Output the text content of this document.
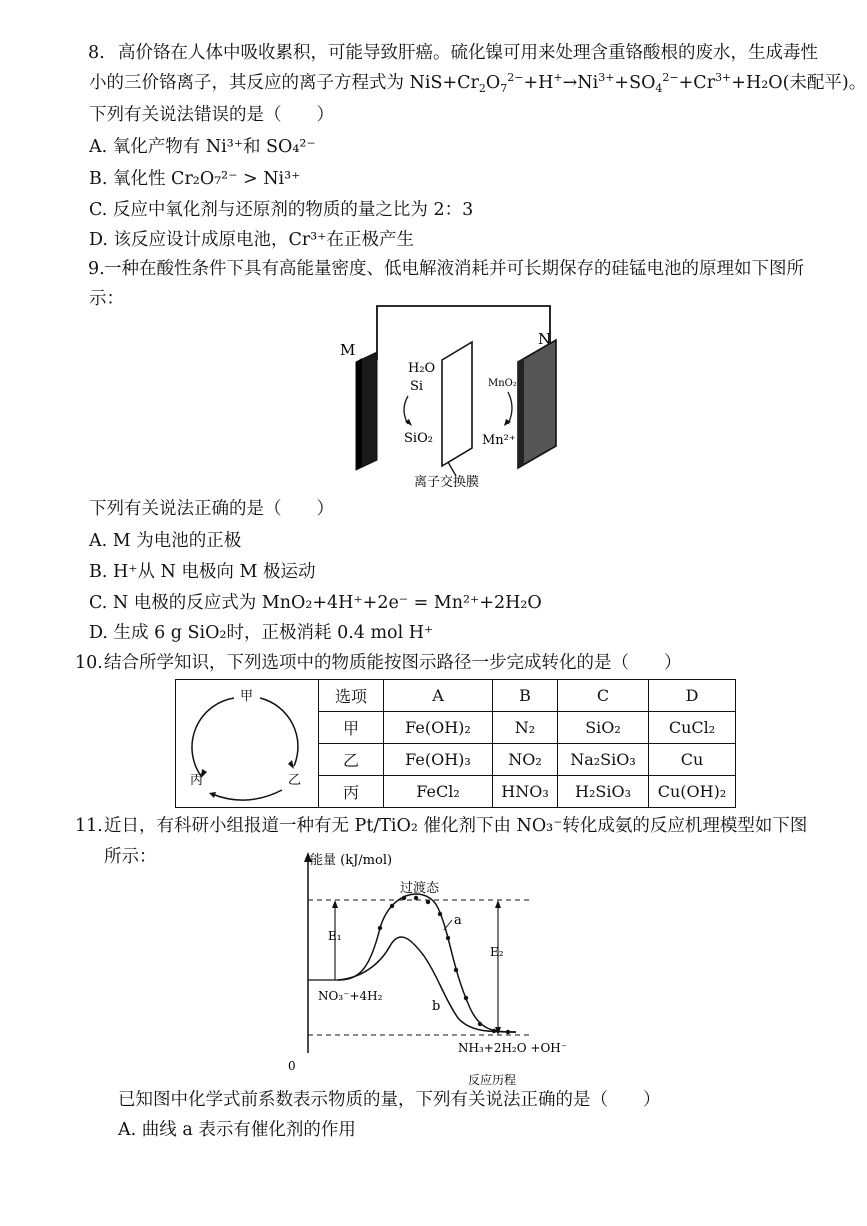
8. 高价铬在人体中吸收累积，可能导致肝癌。硫化镍可用来处理含重铬酸根的废水，生成毒性
小的三价铬离子，其反应的离子方程式为 $NiS+Cr_2O_7^{2-}+H^+\to Ni^{3+}+SO_4^{2-}+Cr^{3+}+H_2O$(未配平)。
下列有关说法错误的是（　　）
A. 氧化产物有 Ni³⁺和 SO₄²⁻
B. 氧化性 Cr₂O₇²⁻ > Ni³⁺
C. 反应中氧化剂与还原剂的物质的量之比为 2：3
D. 该反应设计成原电池，Cr³⁺在正极产生
9. 一种在酸性条件下具有高能量密度、低电解液消耗并可长期保存的硅锰电池的原理如下图所
示：
M
N
H₂O
Si
SiO₂
MnO₂
Mn²⁺
离子交换膜
下列有关说法正确的是（　　）
A. M 为电池的正极
B. H⁺从 N 电极向 M 极运动
C. N 电极的反应式为 MnO₂+4H⁺+2e⁻ = Mn²⁺+2H₂O
D. 生成 6 g SiO₂时，正极消耗 0.4 mol H⁺
10. 结合所学知识，下列选项中的物质能按图示路径一步完成转化的是（　　）
	选项	A	B	C	D
	甲	Fe(OH)₂	N₂	SiO₂	CuCl₂
	乙	Fe(OH)₃	NO₂	Na₂SiO₃	Cu
	丙	FeCl₂	HNO₃	H₂SiO₃	Cu(OH)₂
甲
乙
丙
11. 近日，有科研小组报道一种有无 Pt/TiO₂ 催化剂下由 NO₃⁻转化成氨的反应机理模型如下图
所示：	能量 (kJ/mol)
0
反应历程
E₁
E₂
过渡态
a
b
NO₃⁻+4H₂
NH₃+2H₂O +OH⁻
已知图中化学式前系数表示物质的量，下列有关说法正确的是（　　）
A. 曲线 a 表示有催化剂的作用
